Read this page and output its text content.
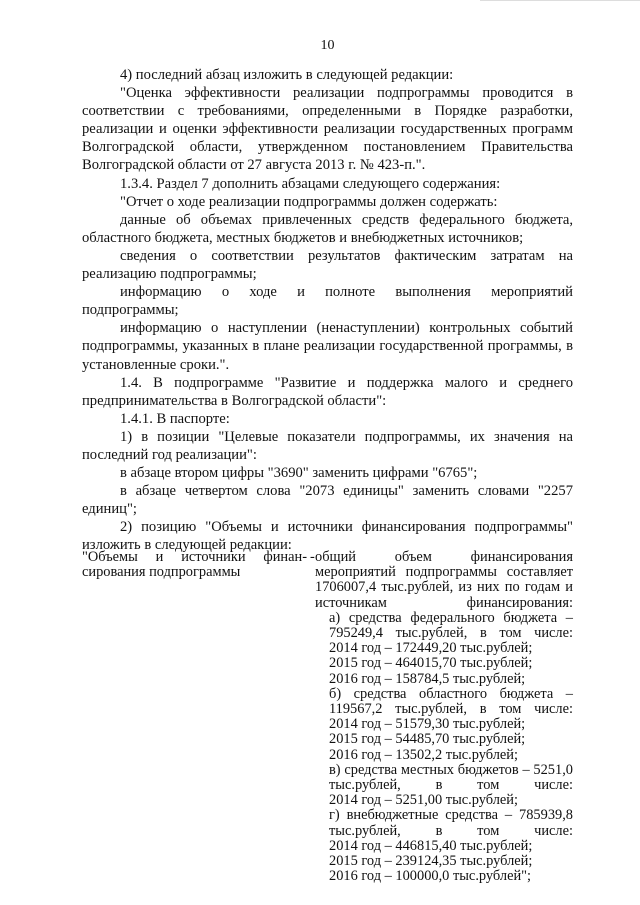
10

4) последний абзац изложить в следующей редакции:

"Оценка эффективности реализации подпрограммы проводится в соответствии с требованиями, определенными в Порядке разработки, реализации и оценки эффективности реализации государственных программ Волгоградской области, утвержденном постановлением Правительства Волгоградской области от 27 августа 2013 г. № 423-п.".

1.3.4. Раздел 7 дополнить абзацами следующего содержания:

"Отчет о ходе реализации подпрограммы должен содержать:

данные об объемах привлеченных средств федерального бюджета, областного бюджета, местных бюджетов и внебюджетных источников;

сведения о соответствии результатов фактическим затратам на реализацию подпрограммы;

информацию о ходе и полноте выполнения мероприятий подпрограммы;

информацию о наступлении (ненаступлении) контрольных событий подпрограммы, указанных в плане реализации государственной программы, в установленные сроки.".

1.4. В подпрограмме "Развитие и поддержка малого и среднего предпринимательства в Волгоградской области":

1.4.1. В паспорте:

1) в позиции "Целевые показатели подпрограммы, их значения на последний год реализации":

в абзаце втором цифры "3690" заменить цифрами "6765";

в абзаце четвертом слова "2073 единицы" заменить словами "2257 единиц";

2) позицию "Объемы и источники финансирования подпрограммы" изложить в следующей редакции:

"Объемы и источники финан-
сирования подпрограммы
- общий объем финансирования мероприятий подпрограммы составляет 1706007,4 тыс.рублей, из них по годам и источникам финансирования:
а) средства федерального бюджета – 795249,4 тыс.рублей, в том числе:
2014 год – 172449,20 тыс.рублей;
2015 год – 464015,70 тыс.рублей;
2016 год – 158784,5 тыс.рублей;
б) средства областного бюджета – 119567,2 тыс.рублей, в том числе:
2014 год – 51579,30 тыс.рублей;
2015 год – 54485,70 тыс.рублей;
2016 год – 13502,2 тыс.рублей;
в) средства местных бюджетов – 5251,0 тыс.рублей, в том числе:
2014 год – 5251,00 тыс.рублей;
г) внебюджетные средства – 785939,8 тыс.рублей, в том числе:
2014 год – 446815,40 тыс.рублей;
2015 год – 239124,35 тыс.рублей;
2016 год – 100000,0 тыс.рублей";
